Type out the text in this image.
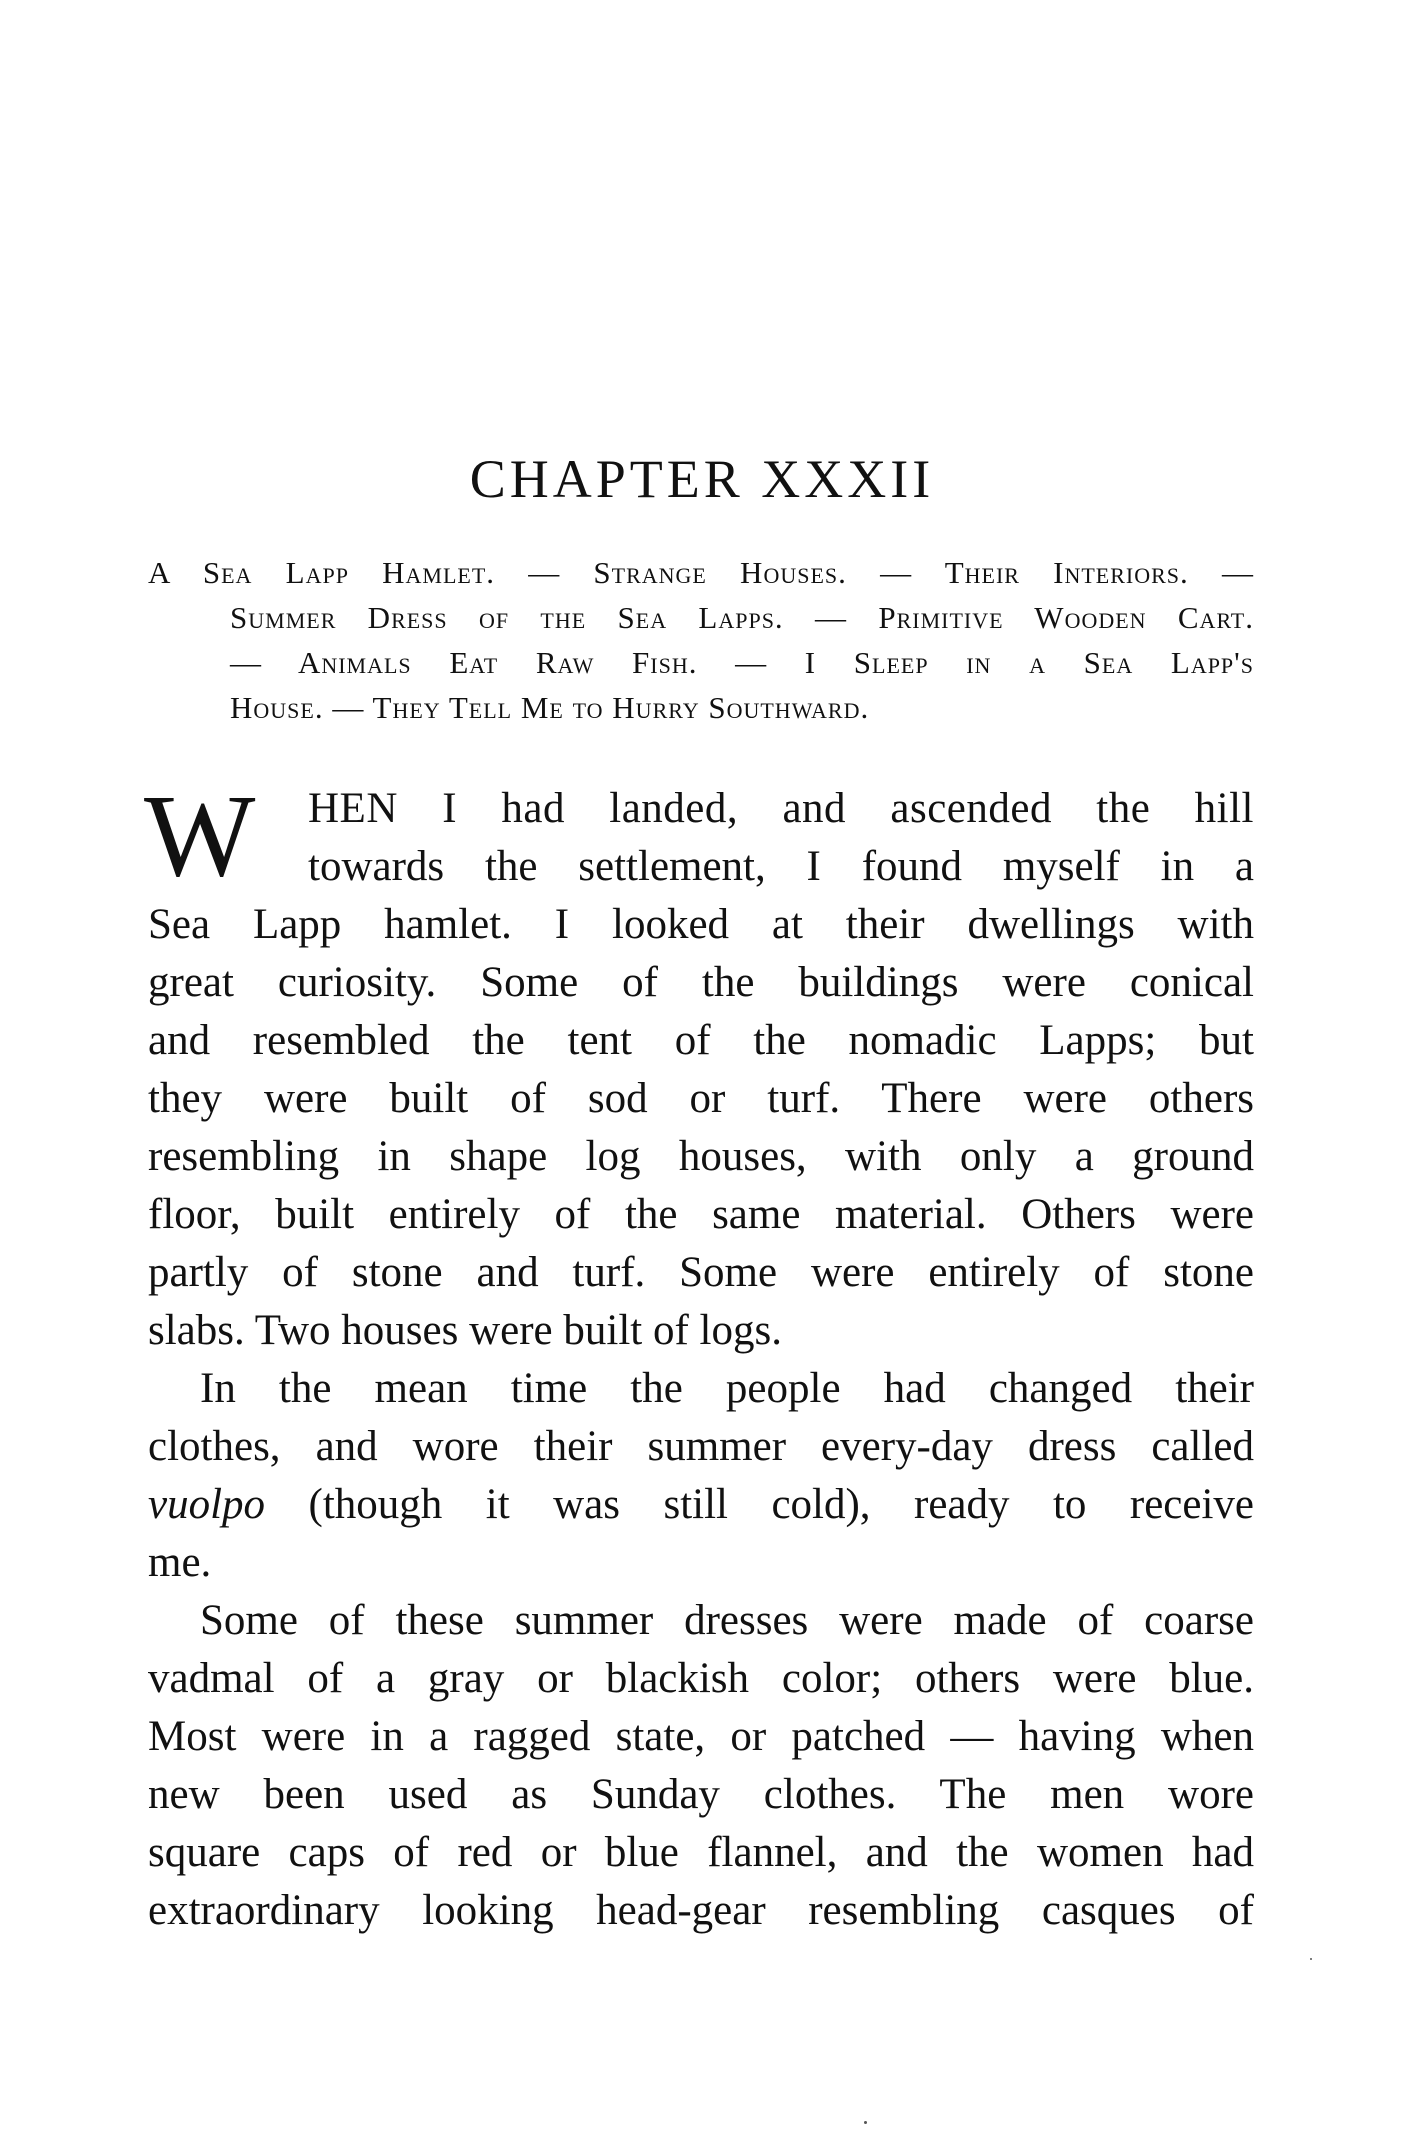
CHAPTER XXXII
A Sea Lapp Hamlet. — Strange Houses. — Their Interiors. —
Summer Dress of the Sea Lapps. — Primitive Wooden Cart.
— Animals Eat Raw Fish. — I Sleep in a Sea Lapp's
House. — They Tell Me to Hurry Southward.
W	HEN I had landed, and ascended the hill
towards the settlement, I found myself in a
Sea Lapp hamlet. I looked at their dwellings with
great curiosity. Some of the buildings were conical
and resembled the tent of the nomadic Lapps; but
they were built of sod or turf. There were others
resembling in shape log houses, with only a ground
floor, built entirely of the same material. Others were
partly of stone and turf. Some were entirely of stone
slabs. Two houses were built of logs.
In the mean time the people had changed their
clothes, and wore their summer every-day dress called
vuolpo (though it was still cold), ready to receive
me.
Some of these summer dresses were made of coarse
vadmal of a gray or blackish color; others were blue.
Most were in a ragged state, or patched — having when
new been used as Sunday clothes. The men wore
square caps of red or blue flannel, and the women had
extraordinary looking head-gear resembling casques of
